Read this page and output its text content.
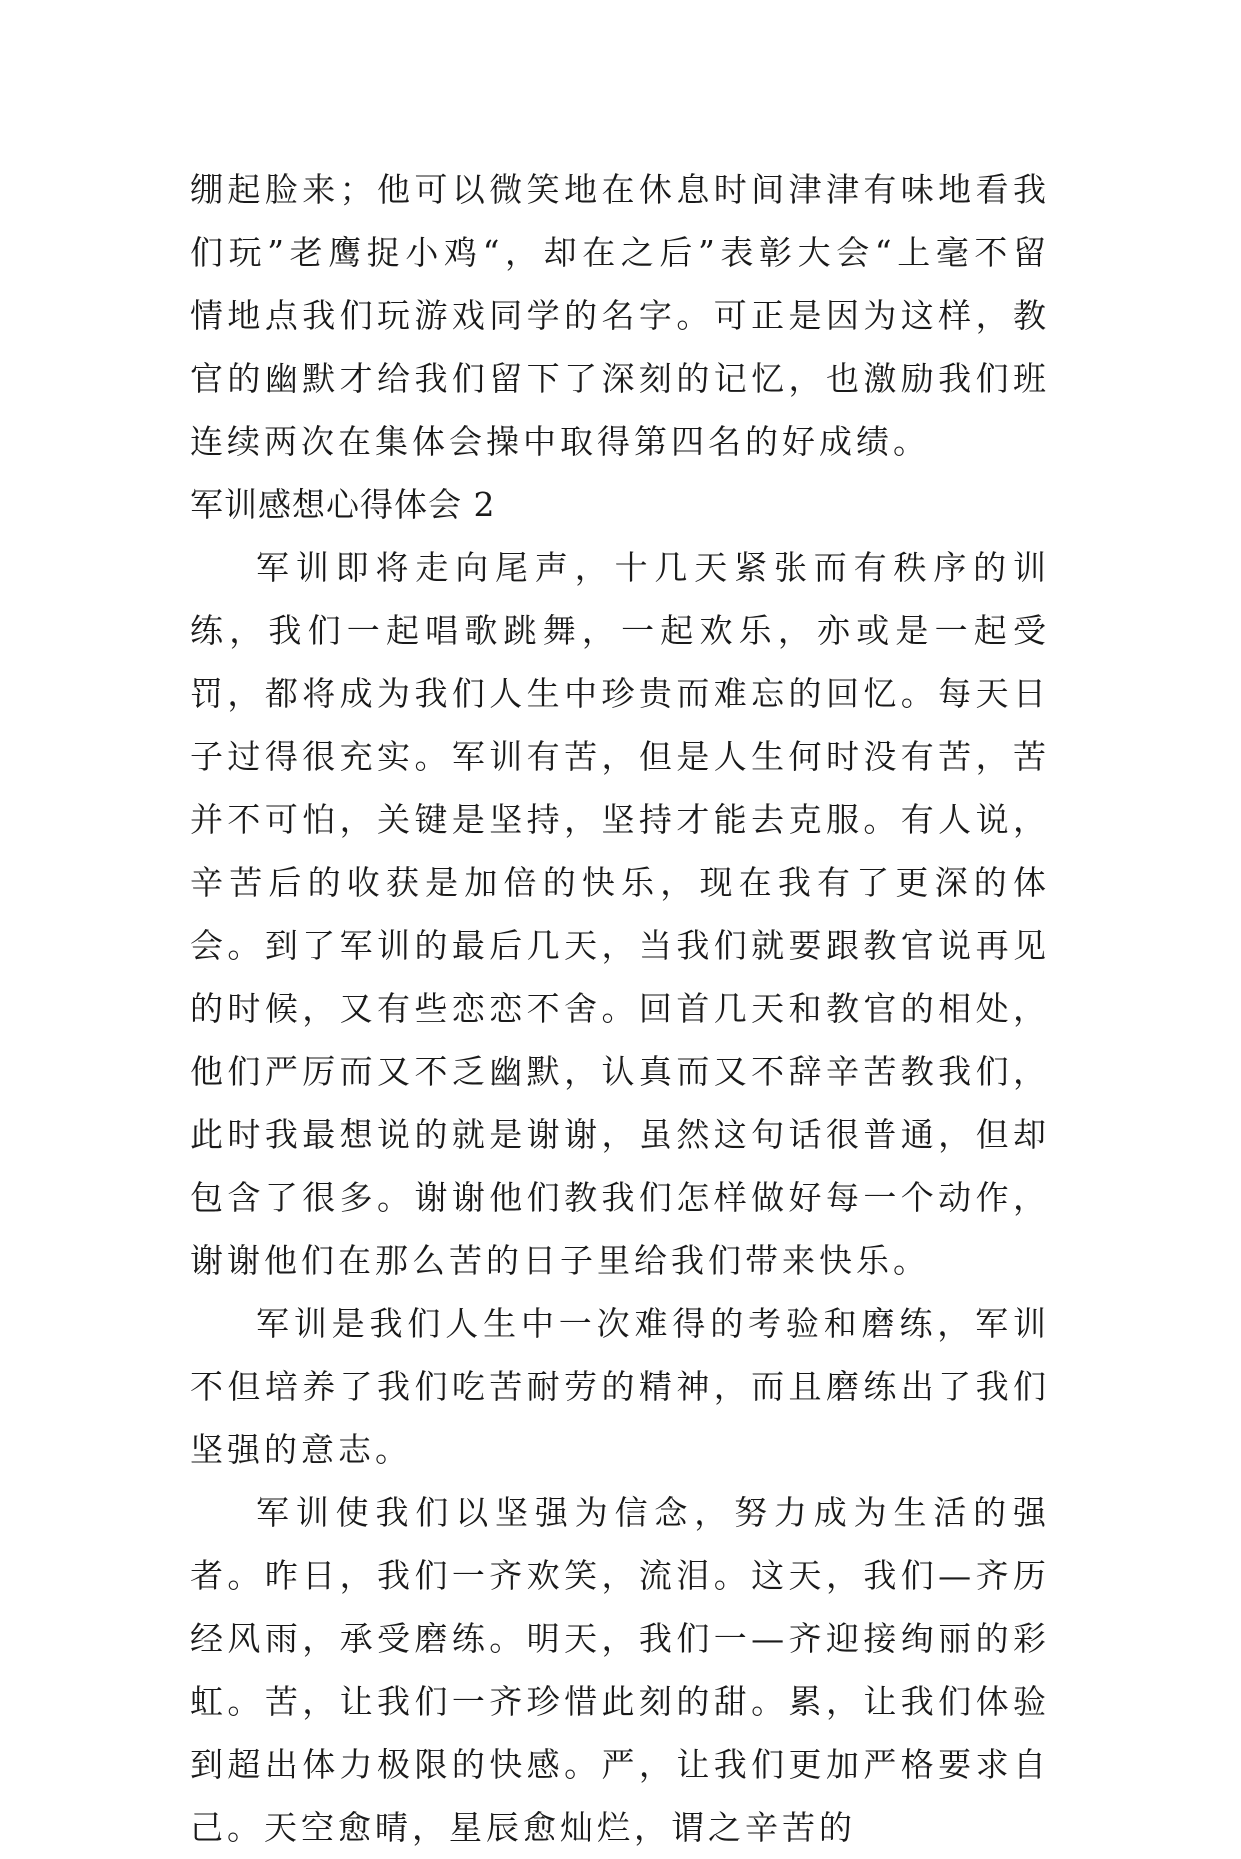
绷起脸来；他可以微笑地在休息时间津津有味地看我们玩”老鹰捉小鸡“，却在之后”表彰大会“上毫不留情地点我们玩游戏同学的名字。可正是因为这样，教官的幽默才给我们留下了深刻的记忆，也激励我们班连续两次在集体会操中取得第四名的好成绩。

军训感想心得体会 2

军训即将走向尾声，十几天紧张而有秩序的训练，我们一起唱歌跳舞，一起欢乐，亦或是一起受罚，都将成为我们人生中珍贵而难忘的回忆。每天日子过得很充实。军训有苦，但是人生何时没有苦，苦并不可怕，关键是坚持，坚持才能去克服。有人说，辛苦后的收获是加倍的快乐，现在我有了更深的体会。到了军训的最后几天，当我们就要跟教官说再见的时候，又有些恋恋不舍。回首几天和教官的相处，他们严厉而又不乏幽默，认真而又不辞辛苦教我们，此时我最想说的就是谢谢，虽然这句话很普通，但却包含了很多。谢谢他们教我们怎样做好每一个动作，谢谢他们在那么苦的日子里给我们带来快乐。

军训是我们人生中一次难得的考验和磨练，军训不但培养了我们吃苦耐劳的精神，而且磨练出了我们坚强的意志。

军训使我们以坚强为信念，努力成为生活的强者。昨日，我们一齐欢笑，流泪。这天，我们—齐历经风雨，承受磨练。明天，我们一—齐迎接绚丽的彩虹。苦，让我们一齐珍惜此刻的甜。累，让我们体验到超出体力极限的快感。严，让我们更加严格要求自己。天空愈晴，星辰愈灿烂，谓之辛苦的
